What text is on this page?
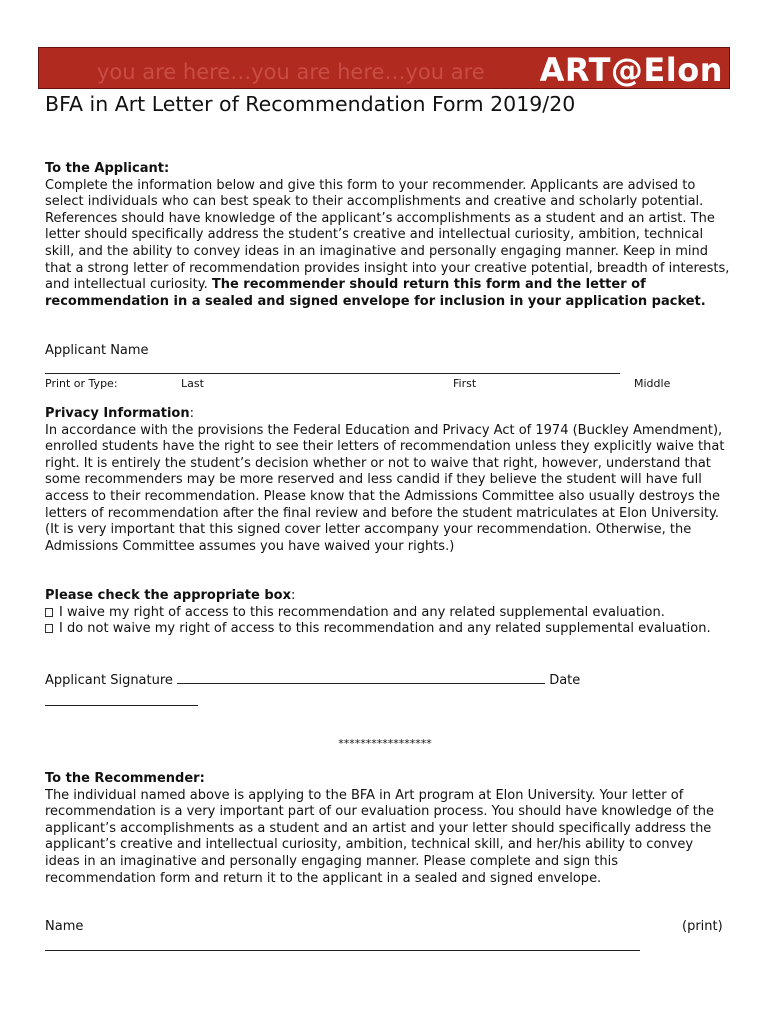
you are here…you are here…you are ART@Elon
BFA in Art Letter of Recommendation Form 2019/20

To the Applicant:

Complete the information below and give this form to your recommender. Applicants are advised to select individuals who can best speak to their accomplishments and creative and scholarly potential. References should have knowledge of the applicant’s accomplishments as a student and an artist. The letter should specifically address the student’s creative and intellectual curiosity, ambition, technical skill, and the ability to convey ideas in an imaginative and personally engaging manner. Keep in mind that a strong letter of recommendation provides insight into your creative potential, breadth of interests, and intellectual curiosity. The recommender should return this form and the letter of recommendation in a sealed and signed envelope for inclusion in your application packet.

Applicant Name
Print or Type:	Last	First	Middle

Privacy Information:

In accordance with the provisions the Federal Education and Privacy Act of 1974 (Buckley Amendment), enrolled students have the right to see their letters of recommendation unless they explicitly waive that right. It is entirely the student’s decision whether or not to waive that right, however, understand that some recommenders may be more reserved and less candid if they believe the student will have full access to their recommendation. Please know that the Admissions Committee also usually destroys the letters of recommendation after the final review and before the student matriculates at Elon University. (It is very important that this signed cover letter accompany your recommendation. Otherwise, the Admissions Committee assumes you have waived your rights.)

Please check the appropriate box:

I waive my right of access to this recommendation and any related supplemental evaluation.

I do not waive my right of access to this recommendation and any related supplemental evaluation.

Applicant Signature	Date
*****************

To the Recommender:

The individual named above is applying to the BFA in Art program at Elon University. Your letter of recommendation is a very important part of our evaluation process. You should have knowledge of the applicant’s accomplishments as a student and an artist and your letter should specifically address the applicant’s creative and intellectual curiosity, ambition, technical skill, and her/his ability to convey ideas in an imaginative and personally engaging manner. Please complete and sign this recommendation form and return it to the applicant in a sealed and signed envelope.

Name	(print)
